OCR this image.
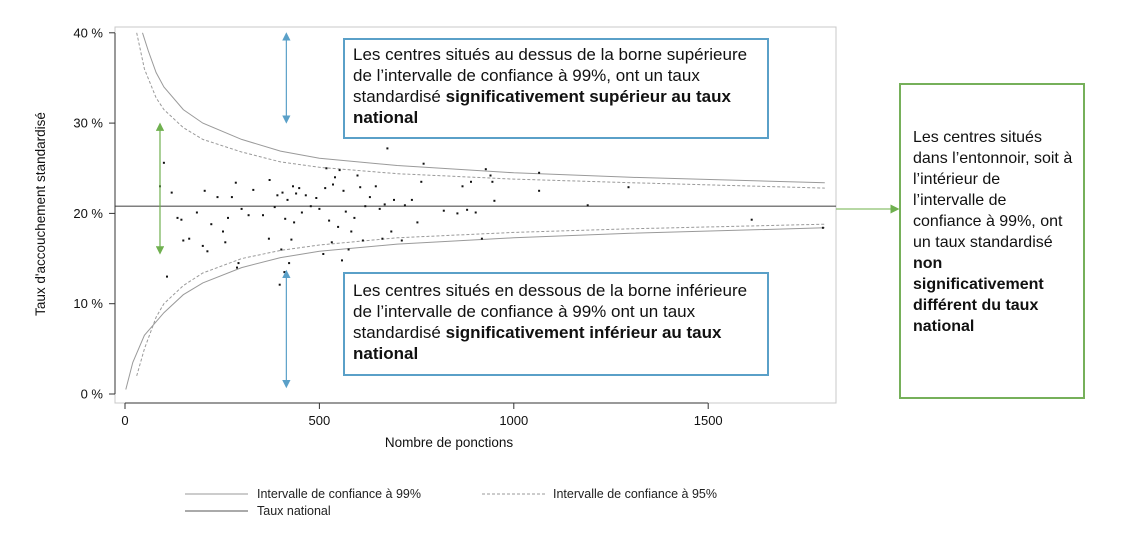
0 %
10 %
20 %
30 %
40 %
0	500	1000	1500
Taux d'accouchement standardisé
Nombre de ponctions
Intervalle de confiance à 99%	Intervalle de confiance à 95%
Taux national
Les centres situés au dessus de la borne supérieure de l’intervalle de confiance à 99%, ont un taux standardisé significativement supérieur au taux national
Les centres situés en dessous de la borne inférieure de l’intervalle de confiance à 99% ont un taux standardisé significativement inférieur au taux national
Les centres situés dans l’entonnoir, soit à l’intérieur de l’intervalle de confiance à 99%, ont un taux standardisé non significativement différent du taux national
